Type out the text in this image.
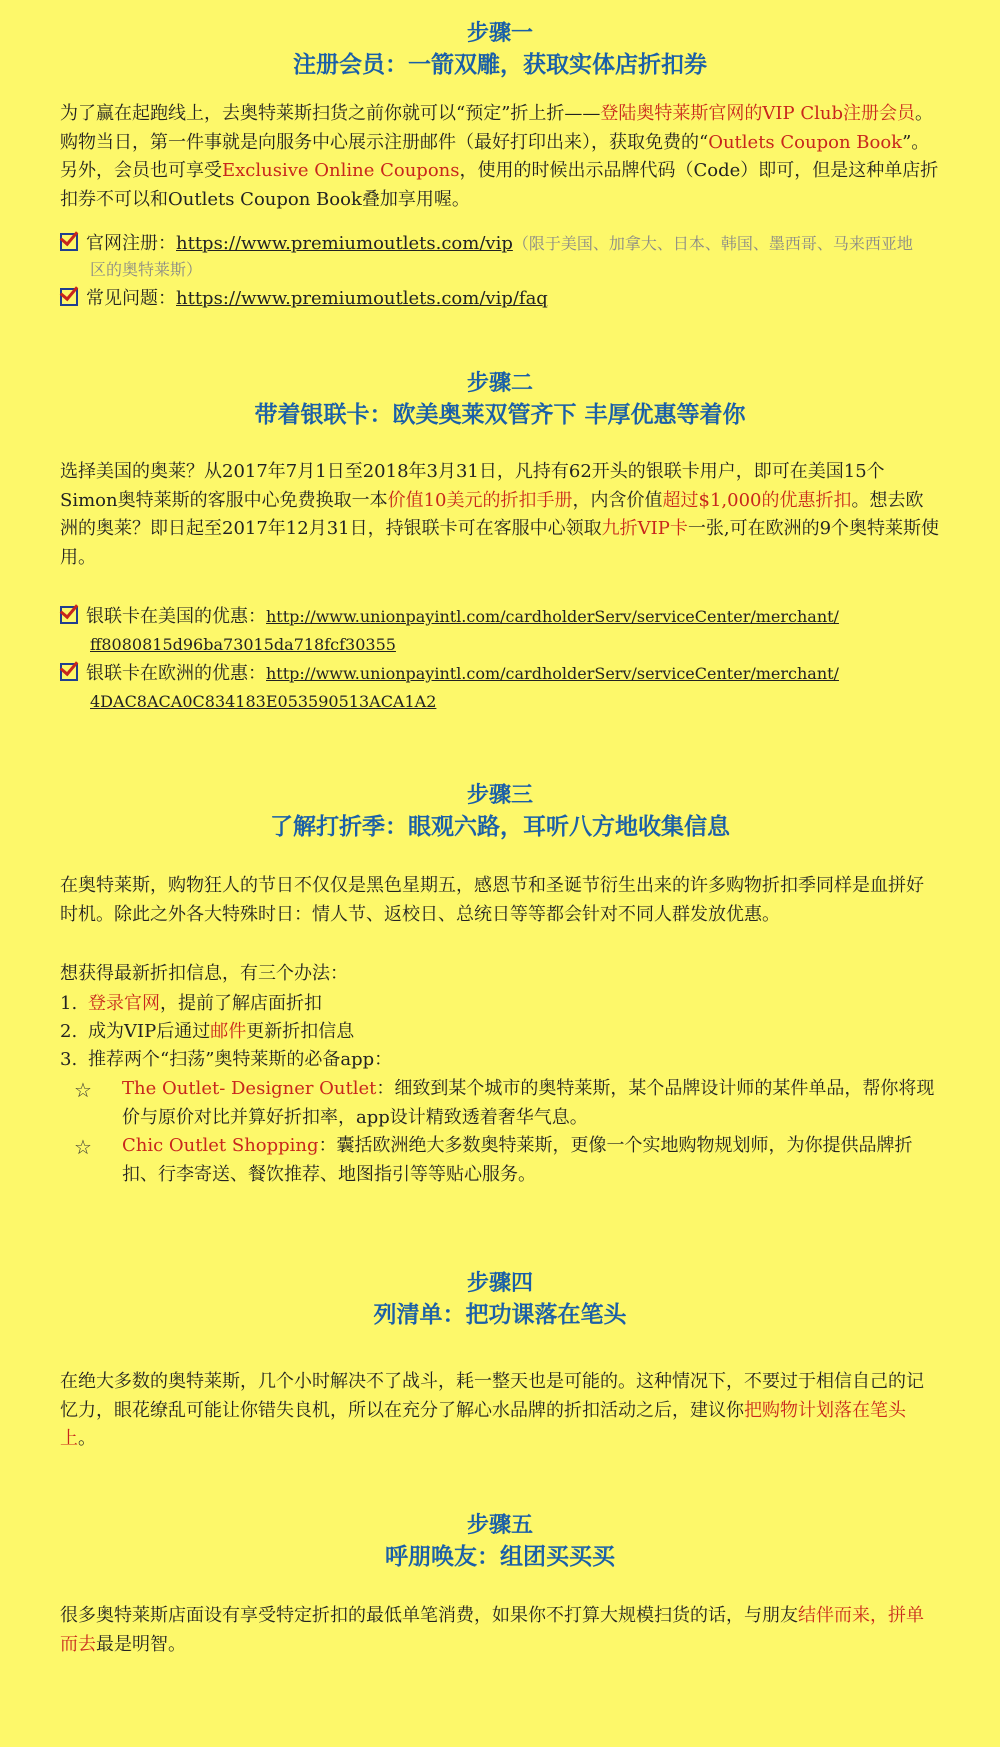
步骤一
注册会员：一箭双雕，获取实体店折扣券

为了赢在起跑线上，去奥特莱斯扫货之前你就可以“预定”折上折——登陆奥特莱斯官网的VIP Club注册会员。购物当日，第一件事就是向服务中心展示注册邮件（最好打印出来），获取免费的“Outlets Coupon Book”。另外，会员也可享受Exclusive Online Coupons，使用的时候出示品牌代码（Code）即可，但是这种单店折扣券不可以和Outlets Coupon Book叠加享用喔。

官网注册：https://www.premiumoutlets.com/vip（限于美国、加拿大、日本、韩国、墨西哥、马来西亚地
区的奥特莱斯）
常见问题：https://www.premiumoutlets.com/vip/faq
步骤二
带着银联卡：欧美奥莱双管齐下 丰厚优惠等着你

选择美国的奥莱？从2017年7月1日至2018年3月31日，凡持有62开头的银联卡用户，即可在美国15个Simon奥特莱斯的客服中心免费换取一本价值10美元的折扣手册，内含价值超过$1,000的优惠折扣。想去欧洲的奥莱？即日起至2017年12月31日，持银联卡可在客服中心领取九折VIP卡一张,可在欧洲的9个奥特莱斯使用。

银联卡在美国的优惠：http://www.unionpayintl.com/cardholderServ/serviceCenter/merchant/
ff8080815d96ba73015da718fcf30355
银联卡在欧洲的优惠：http://www.unionpayintl.com/cardholderServ/serviceCenter/merchant/
4DAC8ACA0C834183E053590513ACA1A2
步骤三
了解打折季：眼观六路，耳听八方地收集信息

在奥特莱斯，购物狂人的节日不仅仅是黑色星期五，感恩节和圣诞节衍生出来的许多购物折扣季同样是血拼好时机。除此之外各大特殊时日：情人节、返校日、总统日等等都会针对不同人群发放优惠。

想获得最新折扣信息，有三个办法：
1. 登录官网，提前了解店面折扣
2. 成为VIP后通过邮件更新折扣信息
3. 推荐两个“扫荡”奥特莱斯的必备app：
☆	The Outlet- Designer Outlet：细致到某个城市的奥特莱斯，某个品牌设计师的某件单品，帮你将现价与原价对比并算好折扣率，app设计精致透着奢华气息。

☆	Chic Outlet Shopping：囊括欧洲绝大多数奥特莱斯，更像一个实地购物规划师，为你提供品牌折扣、行李寄送、餐饮推荐、地图指引等等贴心服务。

步骤四
列清单：把功课落在笔头

在绝大多数的奥特莱斯，几个小时解决不了战斗，耗一整天也是可能的。这种情况下，不要过于相信自己的记忆力，眼花缭乱可能让你错失良机，所以在充分了解心水品牌的折扣活动之后，建议你把购物计划落在笔头上。

步骤五
呼朋唤友：组团买买买

很多奥特莱斯店面设有享受特定折扣的最低单笔消费，如果你不打算大规模扫货的话，与朋友结伴而来，拼单而去最是明智。
